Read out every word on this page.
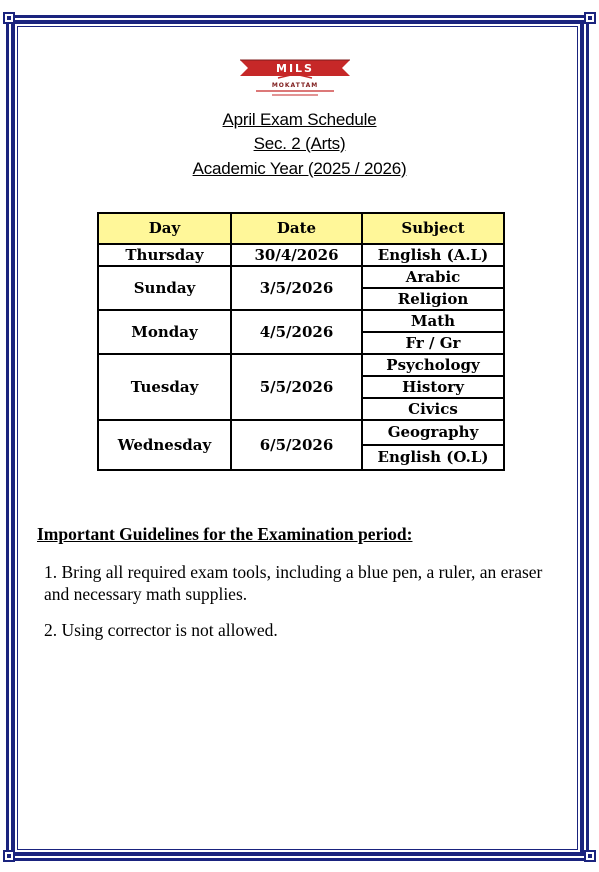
MILS
MOKATTAM
April Exam Schedule
Sec. 2 (Arts)
Academic Year (2025 / 2026)
Day	Date	Subject
Thursday	30/4/2026	English (A.L)
Sunday	3/5/2026	Arabic
		Religion
Monday	4/5/2026	Math
		Fr / Gr
Tuesday	5/5/2026	Psychology
		History
		Civics
Wednesday	6/5/2026	Geography
		English (O.L)
Important Guidelines for the Examination period:
1. Bring all required exam tools, including a blue pen, a ruler, an eraser and necessary math supplies.
2. Using corrector is not allowed.
